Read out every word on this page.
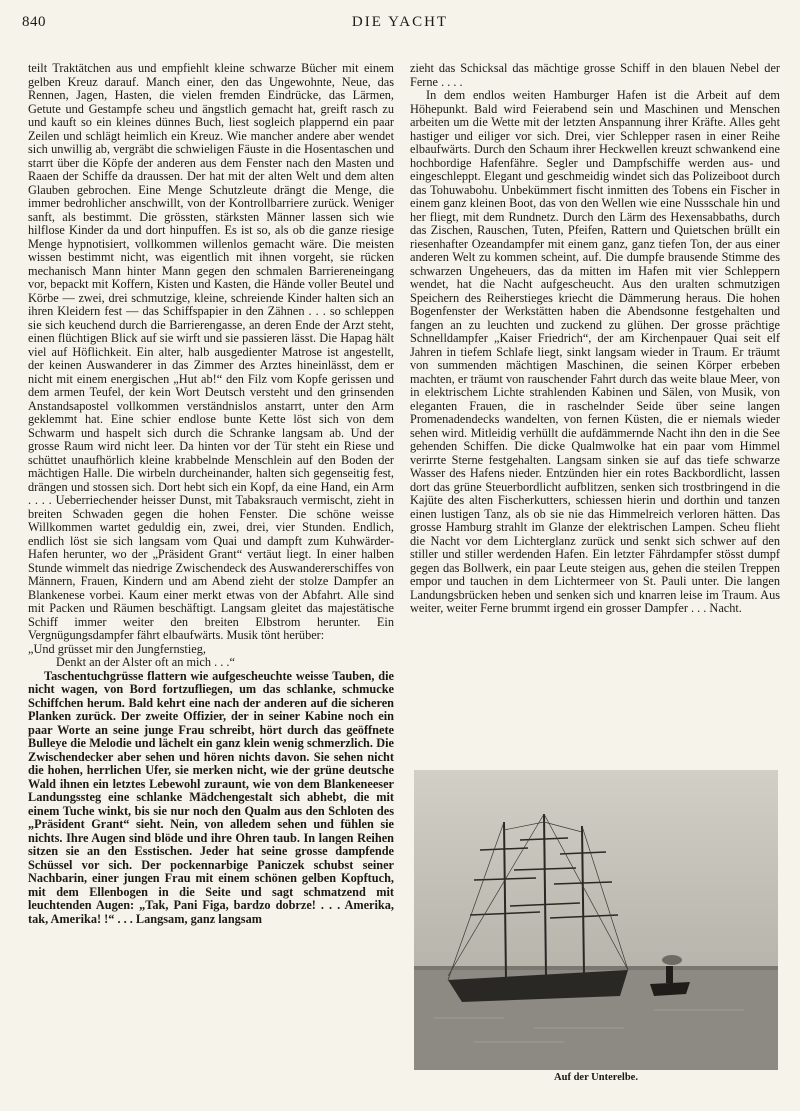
840	DIE YACHT

teilt Traktätchen aus und empfiehlt kleine schwarze Bücher mit einem gelben Kreuz darauf. Manch einer, den das Ungewohnte, Neue, das Rennen, Jagen, Hasten, die vielen fremden Eindrücke, das Lärmen, Getute und Gestampfe scheu und ängstlich gemacht hat, greift rasch zu und kauft so ein kleines dünnes Buch, liest sogleich plappernd ein paar Zeilen und schlägt heimlich ein Kreuz. Wie mancher andere aber wendet sich unwillig ab, vergräbt die schwieligen Fäuste in die Hosentaschen und starrt über die Köpfe der anderen aus dem Fenster nach den Masten und Raaen der Schiffe da draussen. Der hat mit der alten Welt und dem alten Glauben gebrochen. Eine Menge Schutzleute drängt die Menge, die immer bedrohlicher anschwillt, von der Kontrollbarriere zurück. Weniger sanft, als bestimmt. Die grössten, stärksten Männer lassen sich wie hilflose Kinder da und dort hinpuffen. Es ist so, als ob die ganze riesige Menge hypnotisiert, vollkommen willenlos gemacht wäre. Die meisten wissen bestimmt nicht, was eigentlich mit ihnen vorgeht, sie rücken mechanisch Mann hinter Mann gegen den schmalen Barriereneingang vor, bepackt mit Koffern, Kisten und Kasten, die Hände voller Beutel und Körbe — zwei, drei schmutzige, kleine, schreiende Kinder halten sich an ihren Kleidern fest — das Schiffspapier in den Zähnen . . . so schleppen sie sich keuchend durch die Barrierengasse, an deren Ende der Arzt steht, einen flüchtigen Blick auf sie wirft und sie passieren lässt. Die Hapag hält viel auf Höflichkeit. Ein alter, halb ausgedienter Matrose ist angestellt, der keinen Auswanderer in das Zimmer des Arztes hineinlässt, dem er nicht mit einem energischen „Hut ab!“ den Filz vom Kopfe gerissen und dem armen Teufel, der kein Wort Deutsch versteht und den grinsenden Anstandsapostel vollkommen verständnislos anstarrt, unter den Arm geklemmt hat. Eine schier endlose bunte Kette löst sich von dem Schwarm und haspelt sich durch die Schranke langsam ab. Und der grosse Raum wird nicht leer. Da hinten vor der Tür steht ein Riese und schüttet unaufhörlich kleine krabbelnde Menschlein auf den Boden der mächtigen Halle. Die wirbeln durcheinander, halten sich gegenseitig fest, drängen und stossen sich. Dort hebt sich ein Kopf, da eine Hand, ein Arm . . . . Ueberriechender heisser Dunst, mit Tabaksrauch vermischt, zieht in breiten Schwaden gegen die hohen Fenster. Die schöne weisse Willkommen wartet geduldig ein, zwei, drei, vier Stunden. Endlich, endlich löst sie sich langsam vom Quai und dampft zum Kuhwärder-Hafen herunter, wo der „Präsident Grant“ vertäut liegt. In einer halben Stunde wimmelt das niedrige Zwischendeck des Auswandererschiffes von Männern, Frauen, Kindern und am Abend zieht der stolze Dampfer an Blankenese vorbei. Kaum einer merkt etwas von der Abfahrt. Alle sind mit Packen und Räumen beschäftigt. Langsam gleitet das majestätische Schiff immer weiter den breiten Elbstrom herunter. Ein Vergnügungsdampfer fährt elbaufwärts. Musik tönt herüber:

„Und grüsset mir den Jungfernstieg,

Denkt an der Alster oft an mich . . .“

Taschentuchgrüsse flattern wie aufgescheuchte weisse Tauben, die nicht wagen, von Bord fortzufliegen, um das schlanke, schmucke Schiffchen herum. Bald kehrt eine nach der anderen auf die sicheren Planken zurück. Der zweite Offizier, der in seiner Kabine noch ein paar Worte an seine junge Frau schreibt, hört durch das geöffnete Bulleye die Melodie und lächelt ein ganz klein wenig schmerzlich. Die Zwischendecker aber sehen und hören nichts davon. Sie sehen nicht die hohen, herrlichen Ufer, sie merken nicht, wie der grüne deutsche Wald ihnen ein letztes Lebewohl zuraunt, wie von dem Blankeneeser Landungssteg eine schlanke Mädchengestalt sich abhebt, die mit einem Tuche winkt, bis sie nur noch den Qualm aus den Schloten des „Präsident Grant“ sieht. Nein, von alledem sehen und fühlen sie nichts. Ihre Augen sind blöde und ihre Ohren taub. In langen Reihen sitzen sie an den Esstischen. Jeder hat seine grosse dampfende Schüssel vor sich. Der pockennarbige Paniczek schubst seiner Nachbarin, einer jungen Frau mit einem schönen gelben Kopftuch, mit dem Ellenbogen in die Seite und sagt schmatzend mit leuchtenden Augen: „Tak, Pani Figa, bardzo dobrze! . . . Amerika, tak, Amerika! !“ . . . Langsam, ganz langsam

zieht das Schicksal das mächtige grosse Schiff in den blauen Nebel der Ferne . . . .

In dem endlos weiten Hamburger Hafen ist die Arbeit auf dem Höhepunkt. Bald wird Feierabend sein und Maschinen und Menschen arbeiten um die Wette mit der letzten Anspannung ihrer Kräfte. Alles geht hastiger und eiliger vor sich. Drei, vier Schlepper rasen in einer Reihe elbaufwärts. Durch den Schaum ihrer Heckwellen kreuzt schwankend eine hochbordige Hafenfähre. Segler und Dampfschiffe werden aus- und eingeschleppt. Elegant und geschmeidig windet sich das Polizeiboot durch das Tohuwabohu. Unbekümmert fischt inmitten des Tobens ein Fischer in einem ganz kleinen Boot, das von den Wellen wie eine Nussschale hin und her fliegt, mit dem Rundnetz. Durch den Lärm des Hexensabbaths, durch das Zischen, Rauschen, Tuten, Pfeifen, Rattern und Quietschen brüllt ein riesenhafter Ozeandampfer mit einem ganz, ganz tiefen Ton, der aus einer anderen Welt zu kommen scheint, auf. Die dumpfe brausende Stimme des schwarzen Ungeheuers, das da mitten im Hafen mit vier Schleppern wendet, hat die Nacht aufgescheucht. Aus den uralten schmutzigen Speichern des Reiherstieges kriecht die Dämmerung heraus. Die hohen Bogenfenster der Werkstätten haben die Abendsonne festgehalten und fangen an zu leuchten und zuckend zu glühen. Der grosse prächtige Schnelldampfer „Kaiser Friedrich“, der am Kirchenpauer Quai seit elf Jahren in tiefem Schlafe liegt, sinkt langsam wieder in Traum. Er träumt von summenden mächtigen Maschinen, die seinen Körper erbeben machten, er träumt von rauschender Fahrt durch das weite blaue Meer, von in elektrischem Lichte strahlenden Kabinen und Sälen, von Musik, von eleganten Frauen, die in raschelnder Seide über seine langen Promenadendecks wandelten, von fernen Küsten, die er niemals wieder sehen wird. Mitleidig verhüllt die aufdämmernde Nacht ihn den in die See gehenden Schiffen. Die dicke Qualmwolke hat ein paar vom Himmel verirrte Sterne festgehalten. Langsam sinken sie auf das tiefe schwarze Wasser des Hafens nieder. Entzünden hier ein rotes Backbordlicht, lassen dort das grüne Steuerbordlicht aufblitzen, senken sich trostbringend in die Kajüte des alten Fischerkutters, schiessen hierin und dorthin und tanzen einen lustigen Tanz, als ob sie nie das Himmelreich verloren hätten. Das grosse Hamburg strahlt im Glanze der elektrischen Lampen. Scheu flieht die Nacht vor dem Lichterglanz zurück und senkt sich schwer auf den stiller und stiller werdenden Hafen. Ein letzter Fährdampfer stösst dumpf gegen das Bollwerk, ein paar Leute steigen aus, gehen die steilen Treppen empor und tauchen in dem Lichtermeer von St. Pauli unter. Die langen Landungsbrücken heben und senken sich und knarren leise im Traum. Aus weiter, weiter Ferne brummt irgend ein grosser Dampfer . . . Nacht.

Auf der Unterelbe.
